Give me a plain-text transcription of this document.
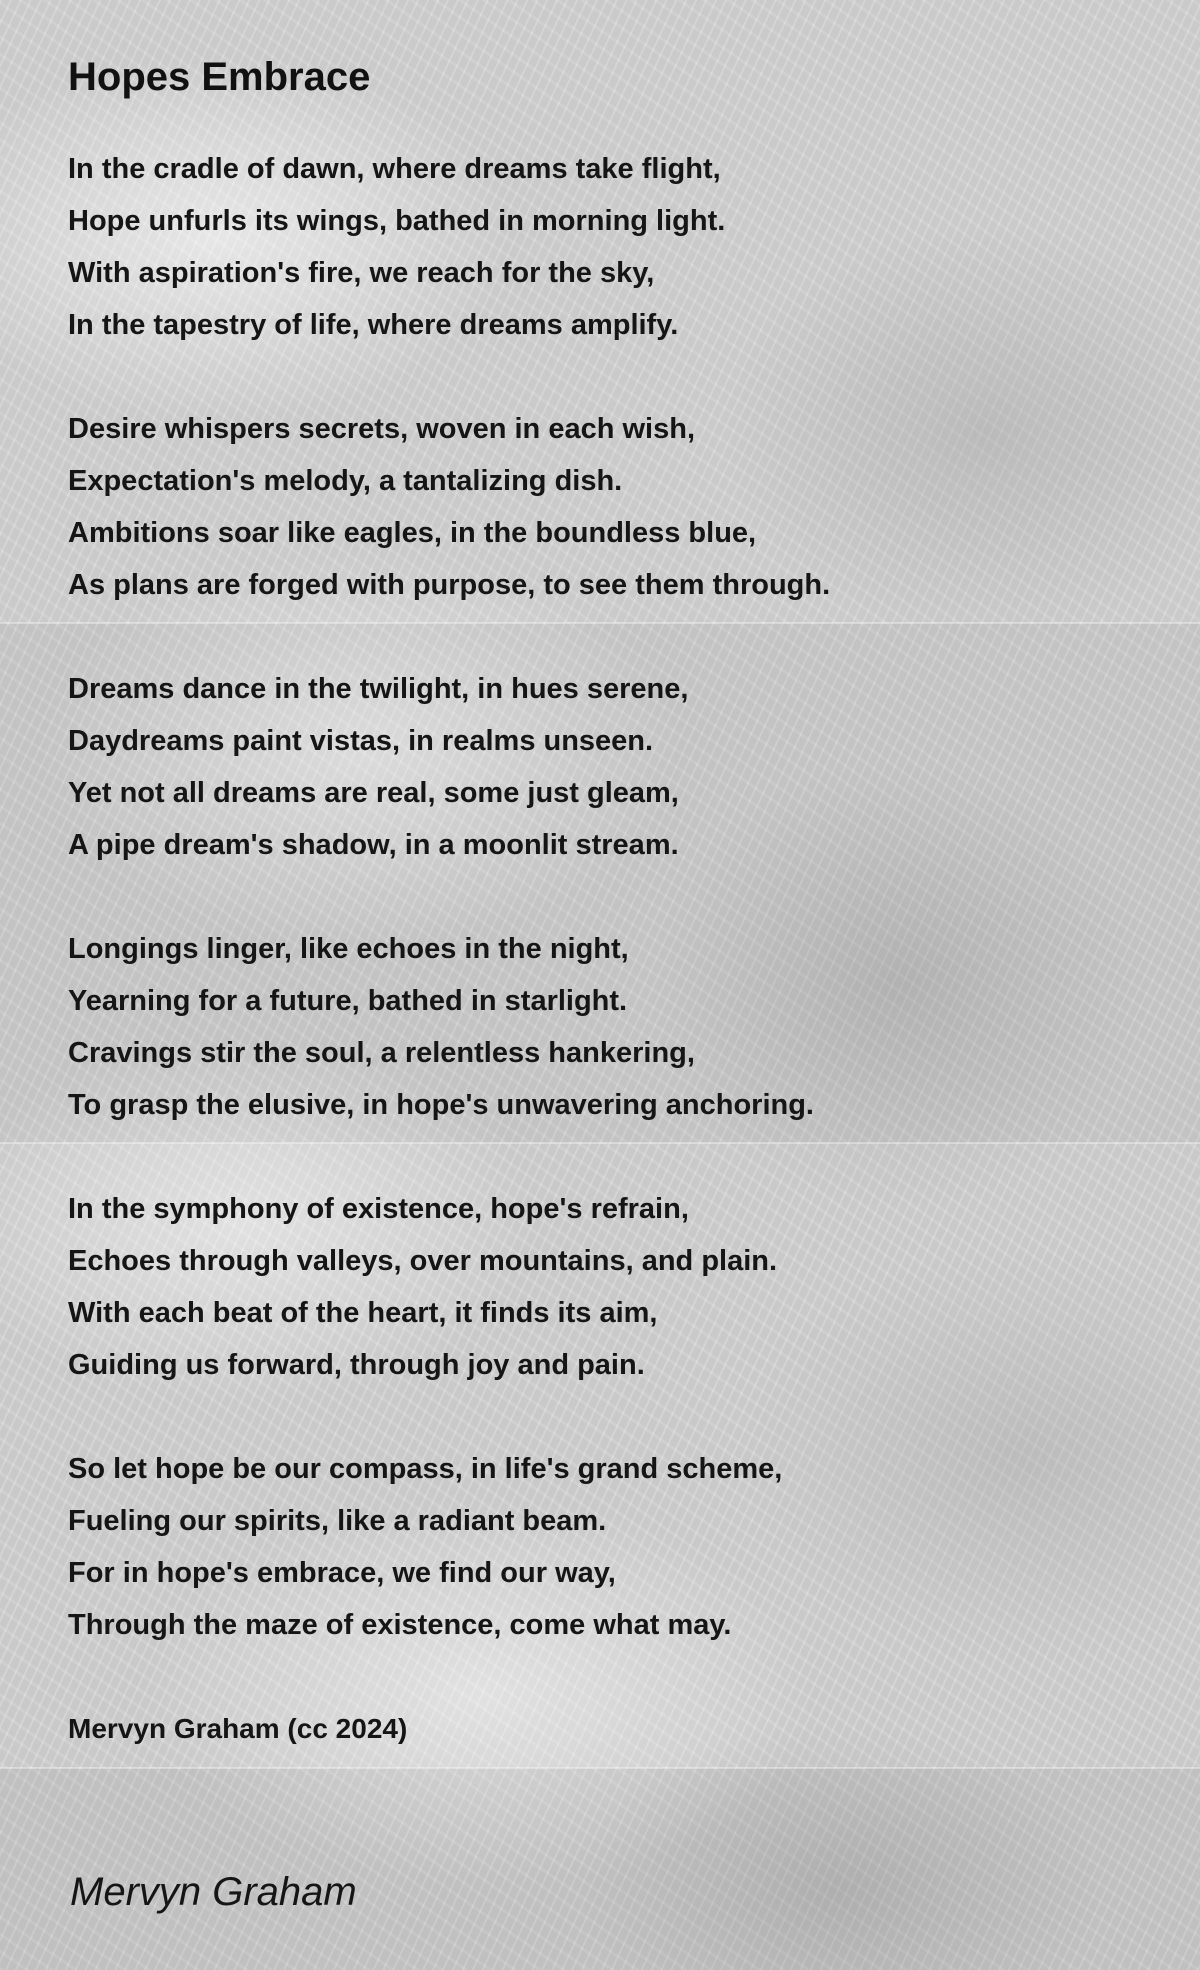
Hopes Embrace
In the cradle of dawn, where dreams take flight,
Hope unfurls its wings, bathed in morning light.
With aspiration's fire, we reach for the sky,
In the tapestry of life, where dreams amplify.
Desire whispers secrets, woven in each wish,
Expectation's melody, a tantalizing dish.
Ambitions soar like eagles, in the boundless blue,
As plans are forged with purpose, to see them through.
Dreams dance in the twilight, in hues serene,
Daydreams paint vistas, in realms unseen.
Yet not all dreams are real, some just gleam,
A pipe dream's shadow, in a moonlit stream.
Longings linger, like echoes in the night,
Yearning for a future, bathed in starlight.
Cravings stir the soul, a relentless hankering,
To grasp the elusive, in hope's unwavering anchoring.
In the symphony of existence, hope's refrain,
Echoes through valleys, over mountains, and plain.
With each beat of the heart, it finds its aim,
Guiding us forward, through joy and pain.
So let hope be our compass, in life's grand scheme,
Fueling our spirits, like a radiant beam.
For in hope's embrace, we find our way,
Through the maze of existence, come what may.
Mervyn Graham (cc 2024)
Mervyn Graham
